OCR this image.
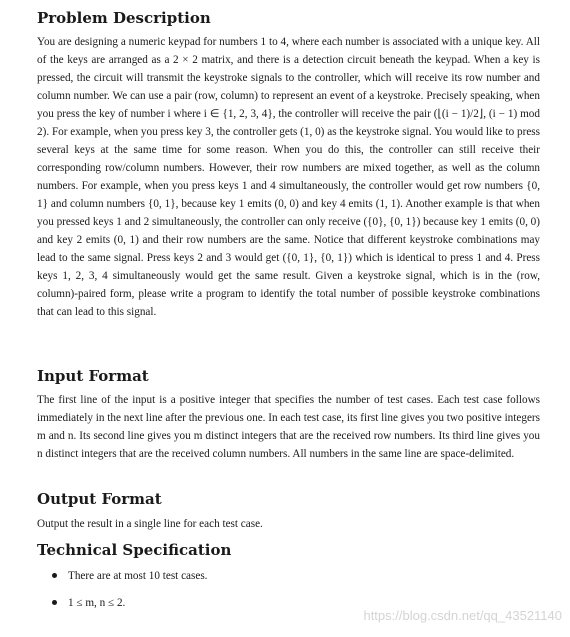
Problem Description

You are designing a numeric keypad for numbers 1 to 4, where each number is associated with a unique key. All of the keys are arranged as a 2 × 2 matrix, and there is a detection circuit beneath the keypad. When a key is pressed, the circuit will transmit the keystroke signals to the controller, which will receive its row number and column number. We can use a pair (row, column) to represent an event of a keystroke. Precisely speaking, when you press the key of number i where i ∈ {1, 2, 3, 4}, the controller will receive the pair (⌊(i − 1)/2⌋, (i − 1) mod 2). For example, when you press key 3, the controller gets (1, 0) as the keystroke signal. You would like to press several keys at the same time for some reason. When you do this, the controller can still receive their corresponding row/column numbers. However, their row numbers are mixed together, as well as the column numbers. For example, when you press keys 1 and 4 simultaneously, the controller would get row numbers {0, 1} and column numbers {0, 1}, because key 1 emits (0, 0) and key 4 emits (1, 1). Another example is that when you pressed keys 1 and 2 simultaneously, the controller can only receive ({0}, {0, 1}) because key 1 emits (0, 0) and key 2 emits (0, 1) and their row numbers are the same. Notice that different keystroke combinations may lead to the same signal. Press keys 2 and 3 would get ({0, 1}, {0, 1}) which is identical to press 1 and 4. Press keys 1, 2, 3, 4 simultaneously would get the same result. Given a keystroke signal, which is in the (row, column)-paired form, please write a program to identify the total number of possible keystroke combinations that can lead to this signal.

Input Format

The first line of the input is a positive integer that specifies the number of test cases. Each test case follows immediately in the next line after the previous one. In each test case, its first line gives you two positive integers m and n. Its second line gives you m distinct integers that are the received row numbers. Its third line gives you n distinct integers that are the received column numbers. All numbers in the same line are space-delimited.

Output Format

Output the result in a single line for each test case.

Technical Specification
There are at most 10 test cases.
1 ≤ m, n ≤ 2.

https://blog.csdn.net/qq_43521140
